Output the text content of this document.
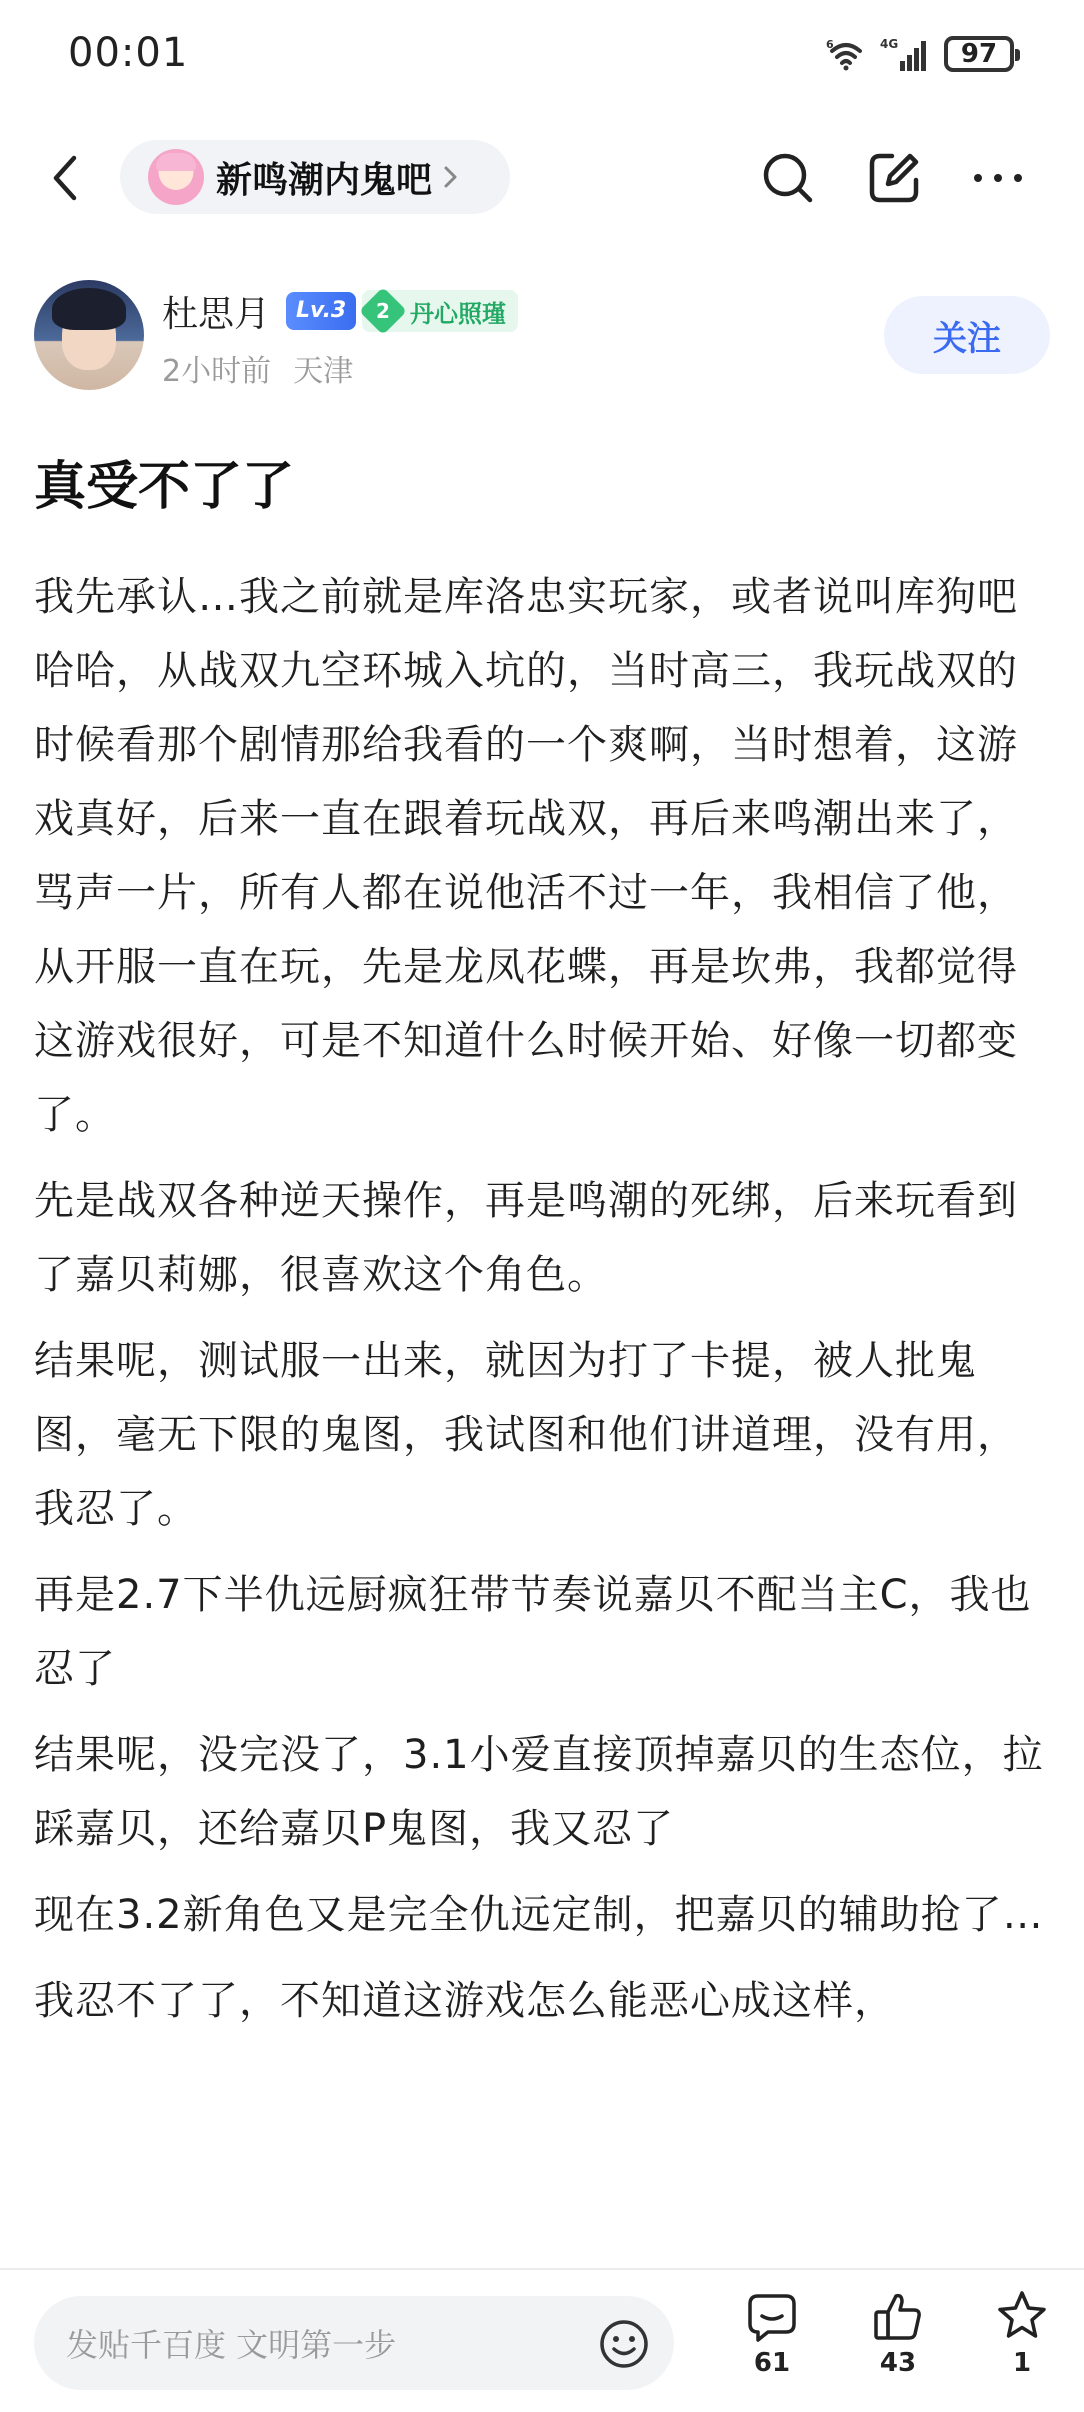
00:01	6	4G 97
新鸣潮内鬼吧
杜思月	Lv.3	2 丹心照瑾
2小时前 天津
关注
真受不了了

我先承认…我之前就是库洛忠实玩家，或者说叫库狗吧哈哈，从战双九空环城入坑的，当时高三，我玩战双的时候看那个剧情那给我看的一个爽啊，当时想着，这游戏真好，后来一直在跟着玩战双，再后来鸣潮出来了，骂声一片，所有人都在说他活不过一年，我相信了他，从开服一直在玩，先是龙凤花蝶，再是坎弗，我都觉得这游戏很好，可是不知道什么时候开始、好像一切都变了。

先是战双各种逆天操作，再是鸣潮的死绑，后来玩看到了嘉贝莉娜，很喜欢这个角色。

结果呢，测试服一出来，就因为打了卡提，被人批鬼图，毫无下限的鬼图，我试图和他们讲道理，没有用，我忍了。

再是2.7下半仇远厨疯狂带节奏说嘉贝不配当主C，我也忍了

结果呢，没完没了，3.1小爱直接顶掉嘉贝的生态位，拉踩嘉贝，还给嘉贝P鬼图，我又忍了

现在3.2新角色又是完全仇远定制，把嘉贝的辅助抢了…

我忍不了了，不知道这游戏怎么能恶心成这样，

发贴千百度 文明第一步	61	43	1
